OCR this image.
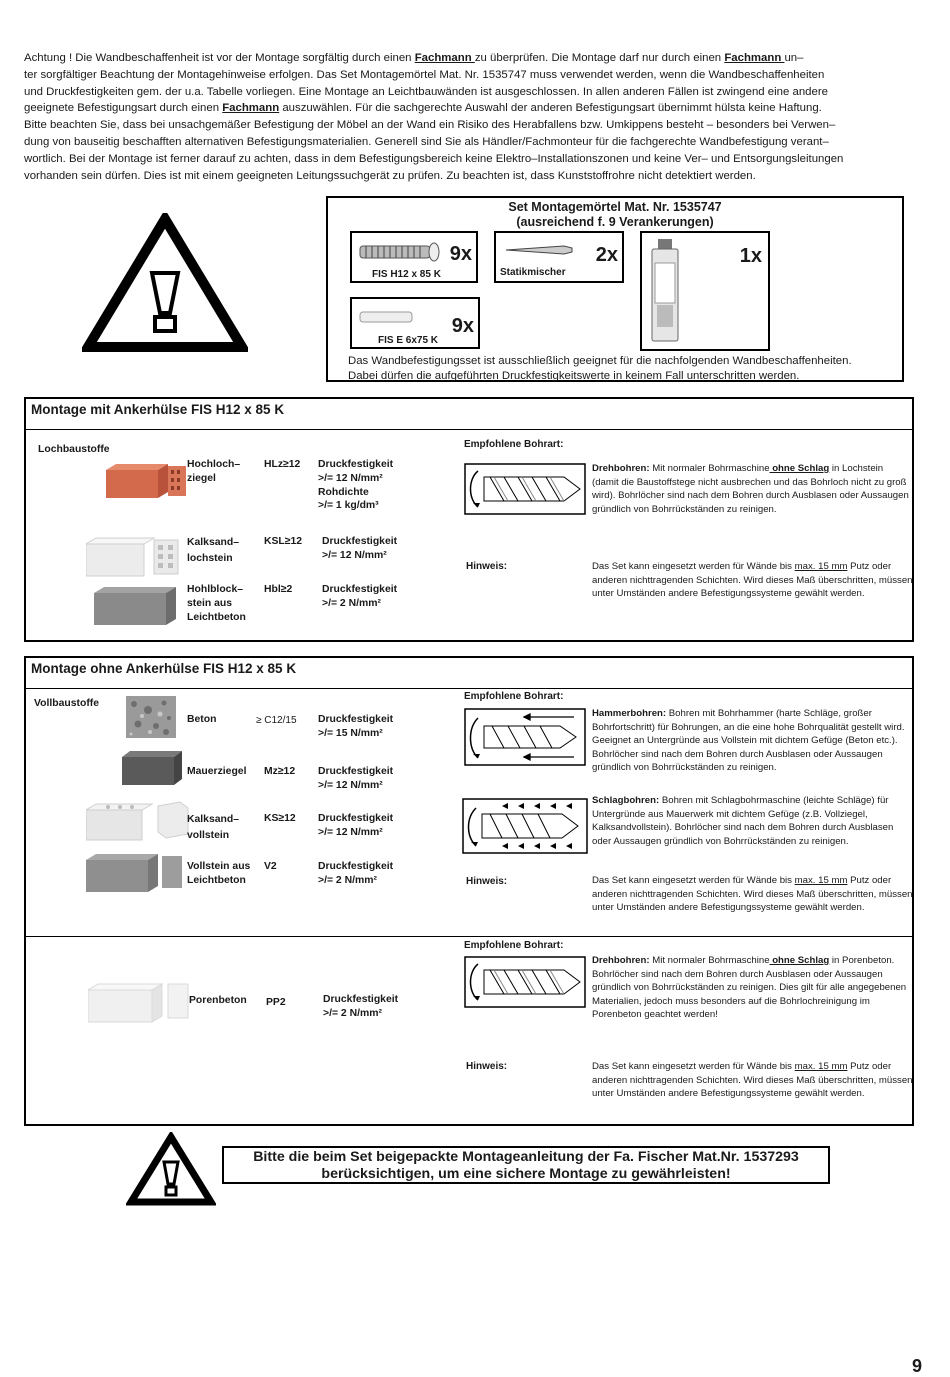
Achtung ! Die Wandbeschaffenheit ist vor der Montage sorgfältig durch einen Fachmann zu überprüfen. Die Montage darf nur durch einen Fachmann un–

ter sorgfältiger Beachtung der Montagehinweise erfolgen. Das Set Montagemörtel Mat. Nr. 1535747 muss verwendet werden, wenn die Wandbeschaffenheiten

und Druckfestigkeiten gem. der u.a. Tabelle vorliegen. Eine Montage an Leichtbauwänden ist ausgeschlossen. In allen anderen Fällen ist zwingend eine andere

geeignete Befestigungsart durch einen Fachmann auszuwählen. Für die sachgerechte Auswahl der anderen Befestigungsart übernimmt hülsta keine Haftung.

Bitte beachten Sie, dass bei unsachgemäßer Befestigung der Möbel an der Wand ein Risiko des Herabfallens bzw. Umkippens besteht – besonders bei Verwen–

dung von bauseitig beschafften alternativen Befestigungsmaterialien. Generell sind Sie als Händler/Fachmonteur für die fachgerechte Wandbefestigung verant–

wortlich. Bei der Montage ist ferner darauf zu achten, dass in dem Befestigungsbereich keine Elektro–Installationszonen und keine Ver– und Entsorgungsleitungen

vorhanden sein dürfen. Dies ist mit einem geeigneten Leitungssuchgerät zu prüfen. Zu beachten ist, dass Kunststoffrohre nicht detektiert werden.

Set Montagemörtel Mat. Nr. 1535747
(ausreichend f. 9 Verankerungen)
9x
FIS H12 x 85 K
2x
Statikmischer
1x
9x
FIS E 6x75 K
Das Wandbefestigungsset ist ausschließlich geeignet für die nachfolgenden Wandbeschaffenheiten.
Dabei dürfen die aufgeführten Druckfestigkeitswerte in keinem Fall unterschritten werden.
Montage mit Ankerhülse FIS H12 x 85 K
Lochbaustoffe
Hochloch–
ziegel
HLz≥12 Druckfestigkeit
>/= 12 N/mm²
Rohdichte
>/= 1 kg/dm³
Kalksand–
lochstein
KSL≥12 Druckfestigkeit
>/= 12 N/mm²
Hohlblock–
stein aus
Leichtbeton
Hbl≥2	Druckfestigkeit
>/= 2 N/mm²
Empfohlene Bohrart:
Drehbohren: Mit normaler Bohrmaschine ohne Schlag in Lochstein (damit die Baustoffstege nicht ausbrechen und das Bohrloch nicht zu groß wird). Bohrlöcher sind nach dem Bohren durch Ausblasen oder Aussaugen gründlich von Bohrrückständen zu reinigen.
Hinweis:	Das Set kann eingesetzt werden für Wände bis max. 15 mm Putz oder anderen nichttragenden Schichten. Wird dieses Maß überschritten, müssen unter Umständen andere Befestigungssysteme gewählt werden.
Montage ohne Ankerhülse FIS H12 x 85 K
Vollbaustoffe
Beton	≥ C12/15 Druckfestigkeit
>/= 15 N/mm²
Mauerziegel Mz≥12 Druckfestigkeit
>/= 12 N/mm²
Kalksand–
vollstein
KS≥12 Druckfestigkeit
>/= 12 N/mm²
Vollstein aus
Leichtbeton
V2	Druckfestigkeit
>/= 2 N/mm²
Empfohlene Bohrart:
Hammerbohren: Bohren mit Bohrhammer (harte Schläge, großer Bohrfortschritt) für Bohrungen, an die eine hohe Bohrqualität gestellt wird. Geeignet an Untergründe aus Vollstein mit dichtem Gefüge (Beton etc.). Bohrlöcher sind nach dem Bohren durch Ausblasen oder Aussaugen gründlich von Bohrrückständen zu reinigen.
Schlagbohren: Bohren mit Schlagbohrmaschine (leichte Schläge) für Untergründe aus Mauerwerk mit dichtem Gefüge (z.B. Vollziegel, Kalksandvollstein). Bohrlöcher sind nach dem Bohren durch Ausblasen oder Aussaugen gründlich von Bohrrückständen zu reinigen.
Hinweis:	Das Set kann eingesetzt werden für Wände bis max. 15 mm Putz oder anderen nichttragenden Schichten. Wird dieses Maß überschritten, müssen unter Umständen andere Befestigungssysteme gewählt werden.
Porenbeton PP2	Druckfestigkeit
>/= 2 N/mm²
Empfohlene Bohrart:
Drehbohren: Mit normaler Bohrmaschine ohne Schlag in Porenbeton. Bohrlöcher sind nach dem Bohren durch Ausblasen oder Aussaugen gründlich von Bohrrückständen zu reinigen. Dies gilt für alle angegebenen Materialien, jedoch muss besonders auf die Bohrlochreinigung im Porenbeton geachtet werden!
Hinweis:	Das Set kann eingesetzt werden für Wände bis max. 15 mm Putz oder anderen nichttragenden Schichten. Wird dieses Maß überschritten, müssen unter Umständen andere Befestigungssysteme gewählt werden.
Bitte die beim Set beigepackte Montageanleitung der Fa. Fischer Mat.Nr. 1537293 berücksichtigen, um eine sichere Montage zu gewährleisten!
9
